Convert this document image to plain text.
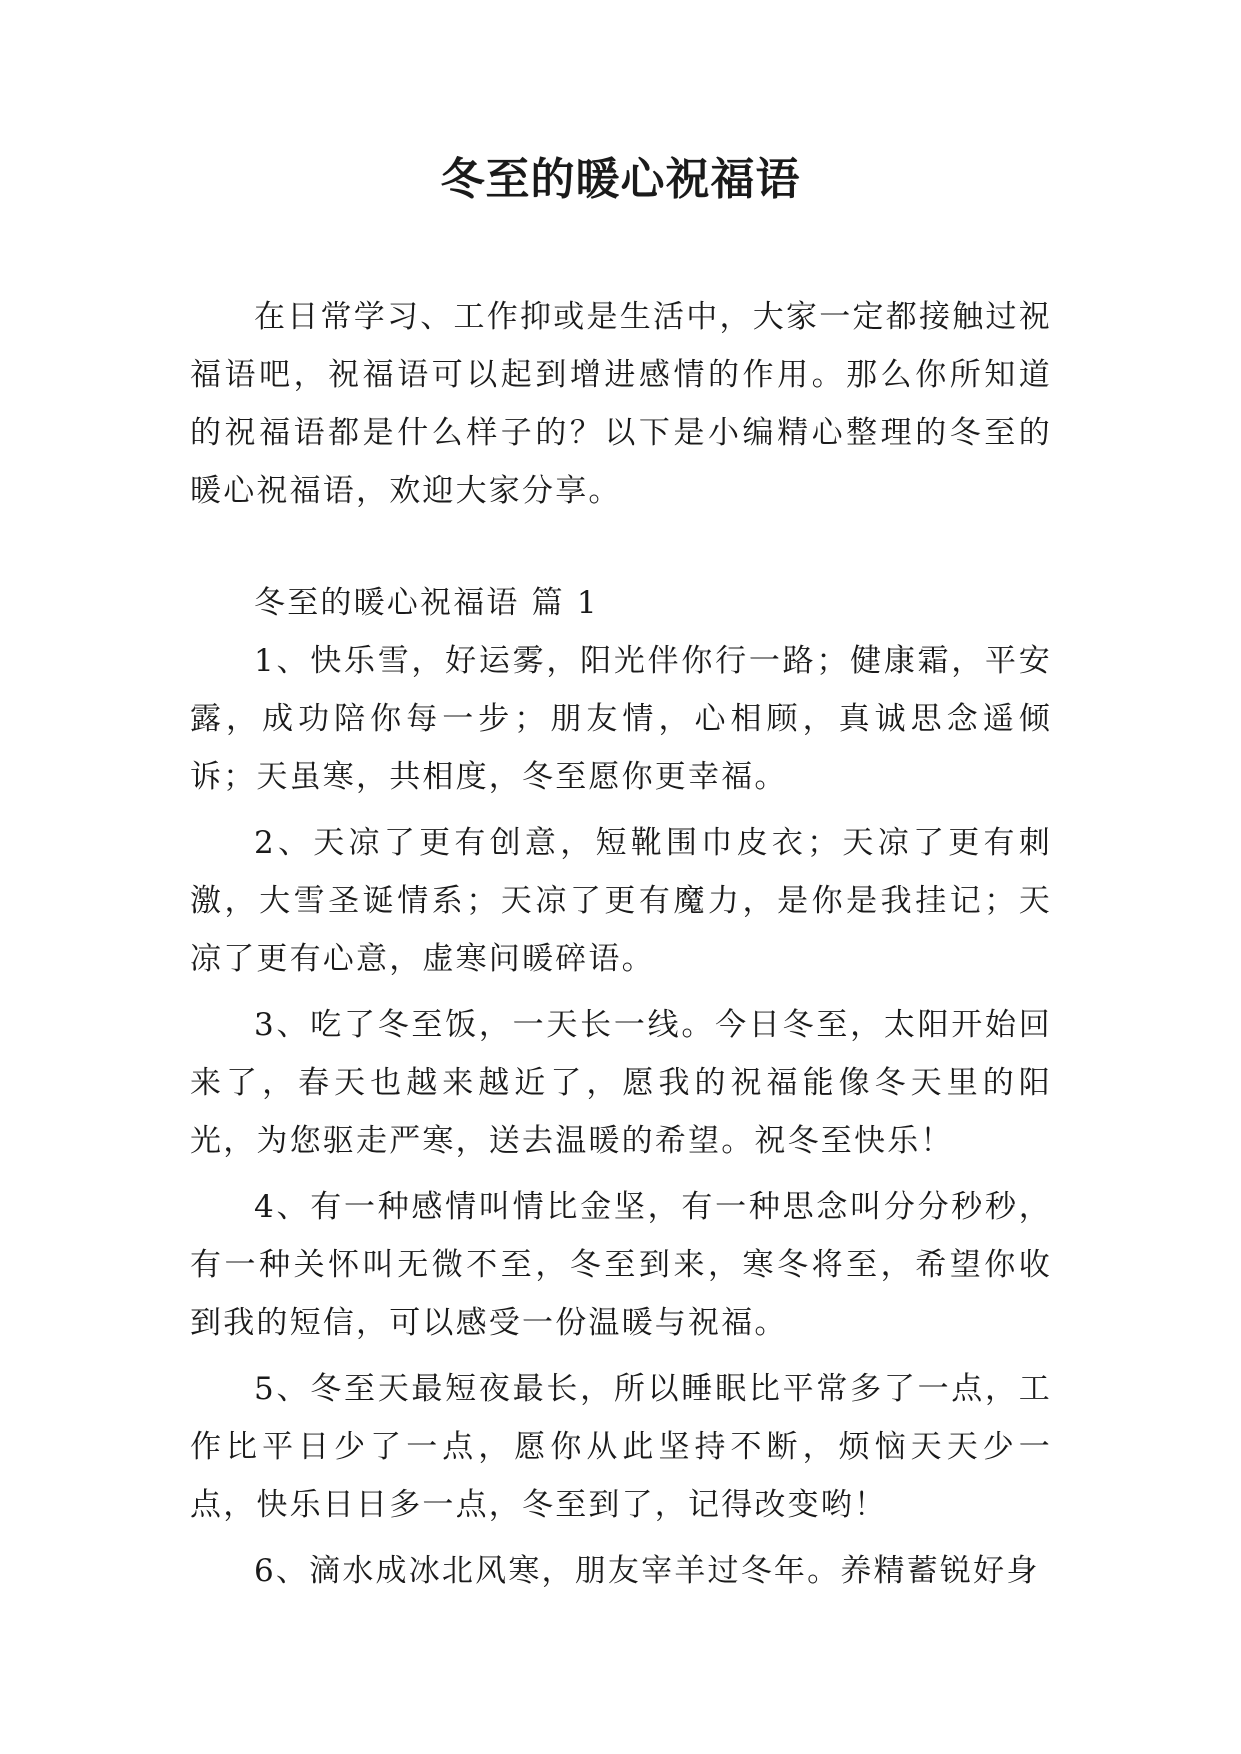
冬至的暖心祝福语

在日常学习、工作抑或是生活中，大家一定都接触过祝福语吧，祝福语可以起到增进感情的作用。那么你所知道的祝福语都是什么样子的？以下是小编精心整理的冬至的暖心祝福语，欢迎大家分享。

冬至的暖心祝福语 篇 1

1、快乐雪，好运雾，阳光伴你行一路；健康霜，平安露，成功陪你每一步；朋友情，心相顾，真诚思念遥倾诉；天虽寒，共相度，冬至愿你更幸福。
2、天凉了更有创意，短靴围巾皮衣；天凉了更有刺激，大雪圣诞情系；天凉了更有魔力，是你是我挂记；天凉了更有心意，虚寒问暖碎语。
3、吃了冬至饭，一天长一线。今日冬至，太阳开始回来了，春天也越来越近了，愿我的祝福能像冬天里的阳光，为您驱走严寒，送去温暖的希望。祝冬至快乐！
4、有一种感情叫情比金坚，有一种思念叫分分秒秒，有一种关怀叫无微不至，冬至到来，寒冬将至，希望你收到我的短信，可以感受一份温暖与祝福。
5、冬至天最短夜最长，所以睡眠比平常多了一点，工作比平日少了一点，愿你从此坚持不断，烦恼天天少一点，快乐日日多一点，冬至到了，记得改变哟！
6、滴水成冰北风寒，朋友宰羊过冬年。养精蓄锐好身
